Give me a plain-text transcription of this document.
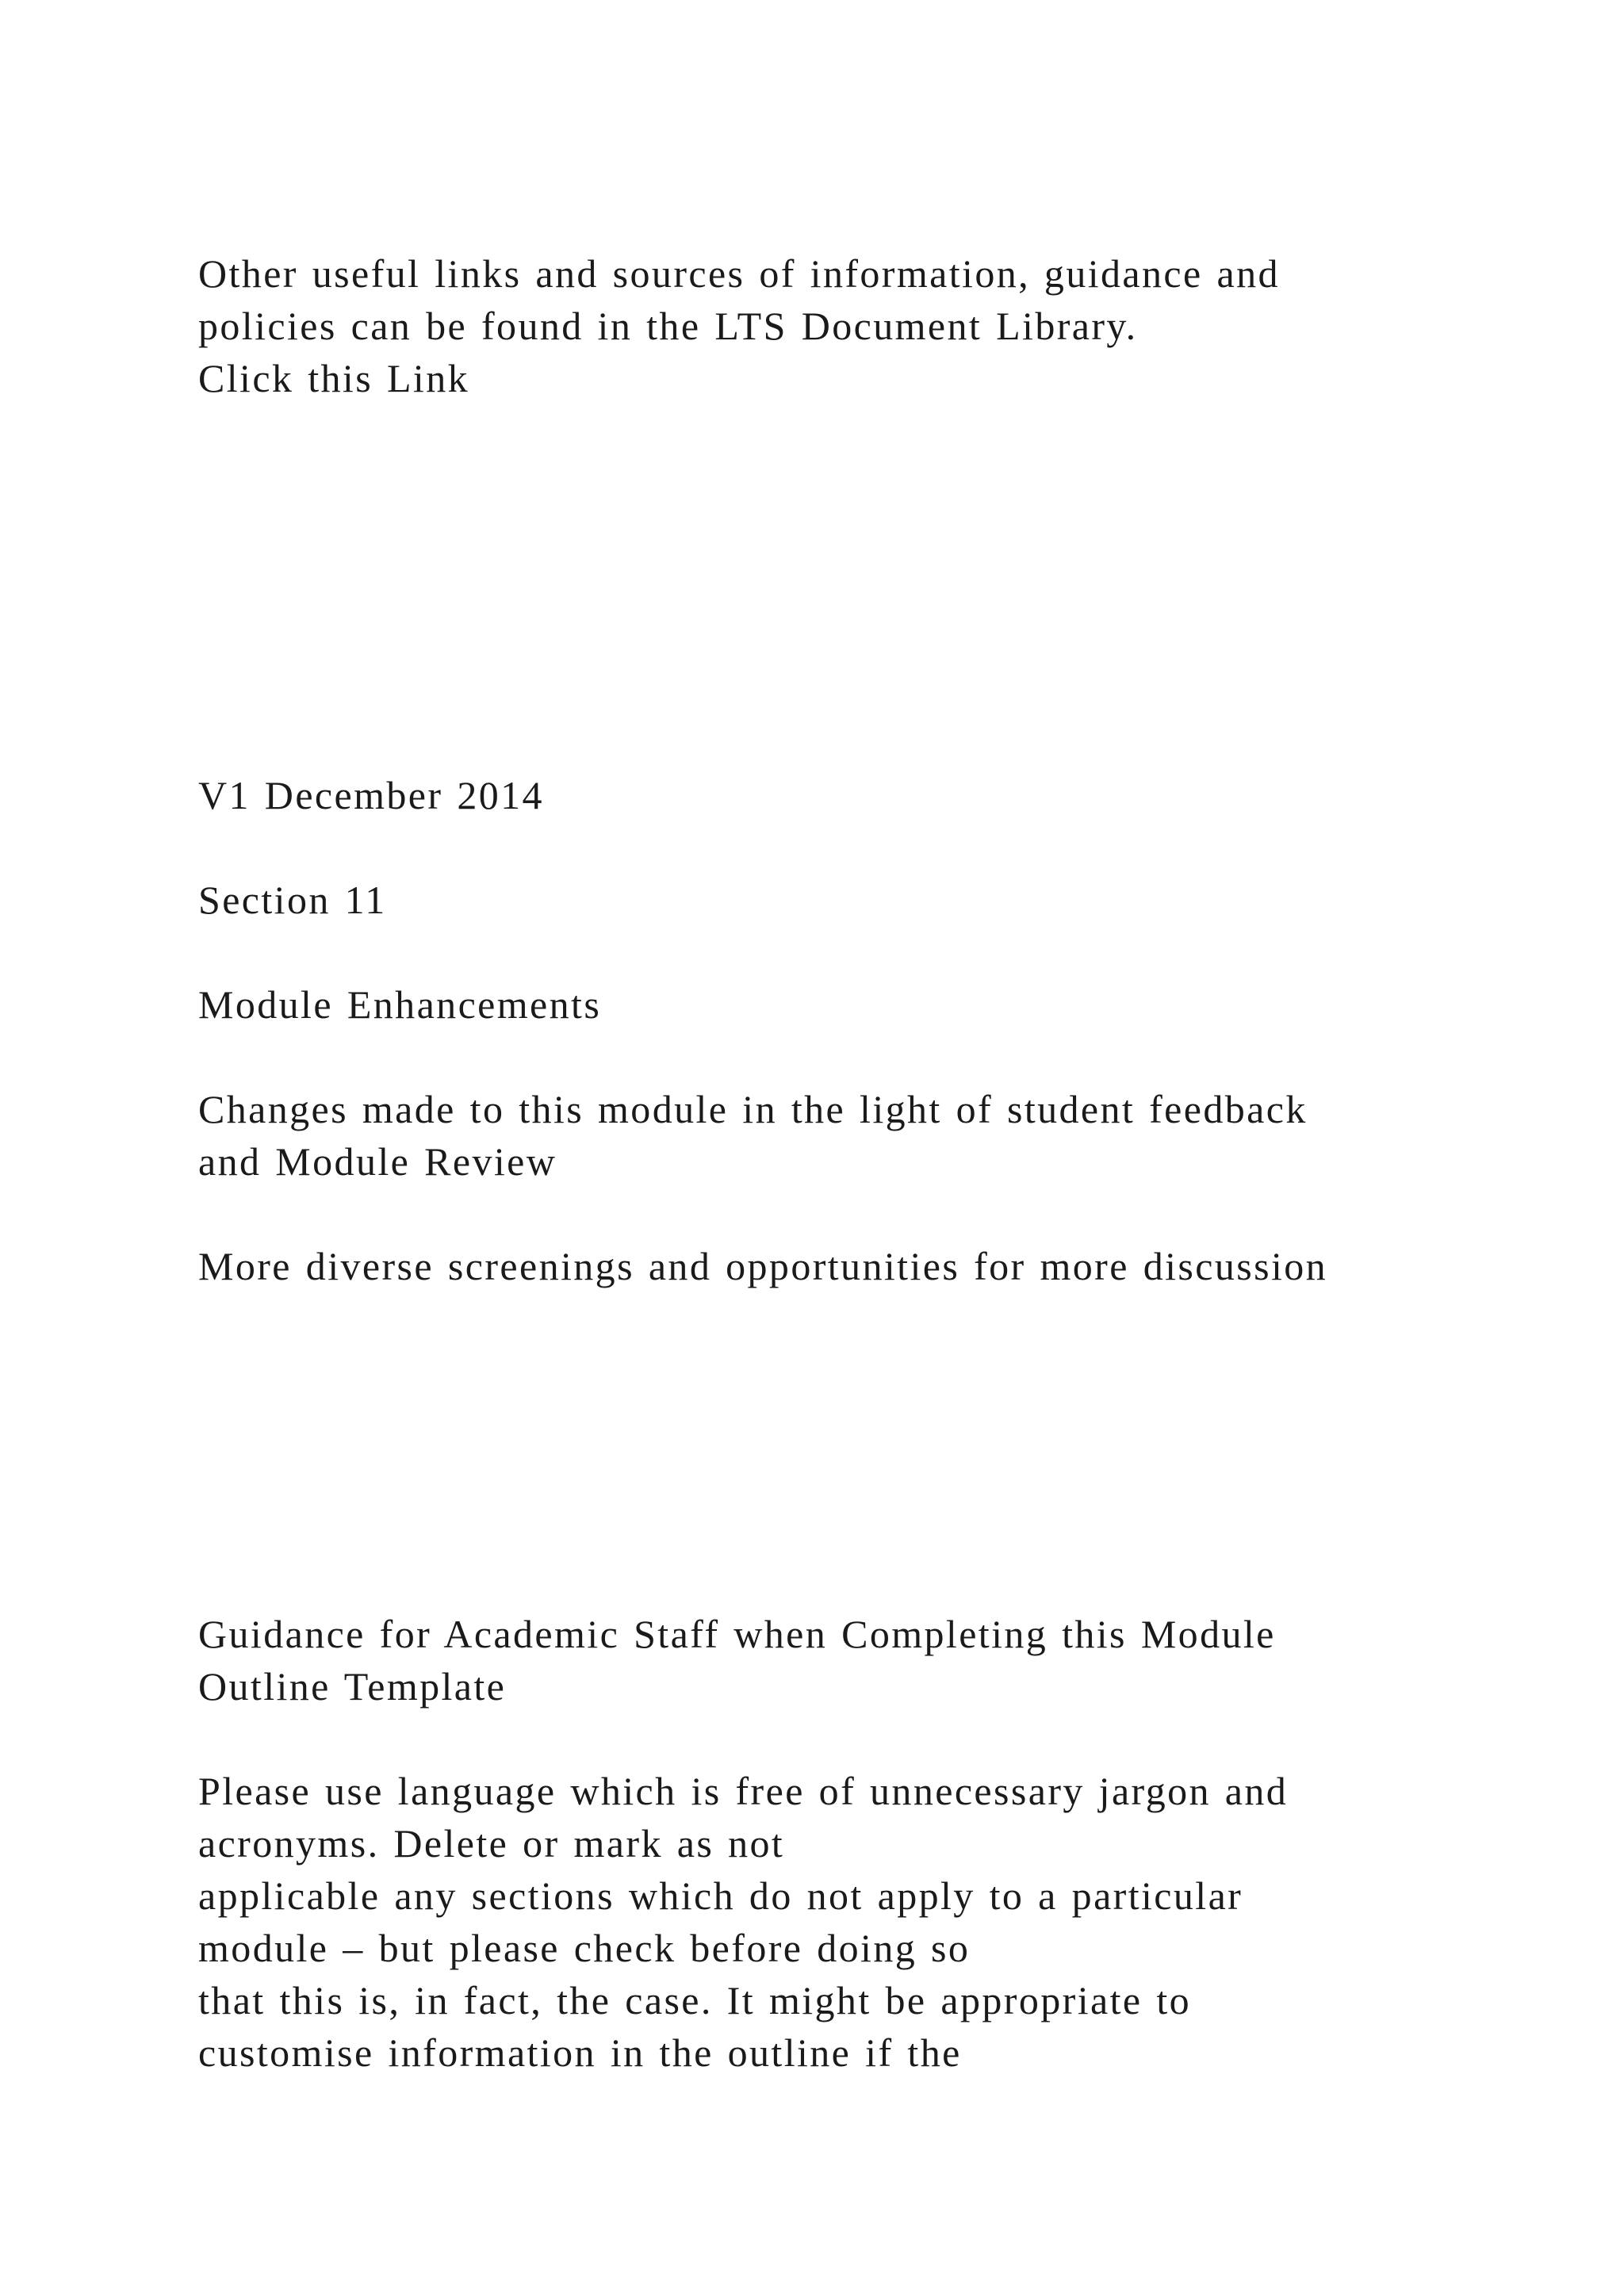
Other useful links and sources of information, guidance and

policies can be found in the LTS Document Library.

Click this Link

V1 December 2014

Section 11

Module Enhancements

Changes made to this module in the light of student feedback

and Module Review

More diverse screenings and opportunities for more discussion

Guidance for Academic Staff when Completing this Module

Outline Template

Please use language which is free of unnecessary jargon and

acronyms. Delete or mark as not

applicable any sections which do not apply to a particular

module – but please check before doing so

that this is, in fact, the case. It might be appropriate to

customise information in the outline if the
